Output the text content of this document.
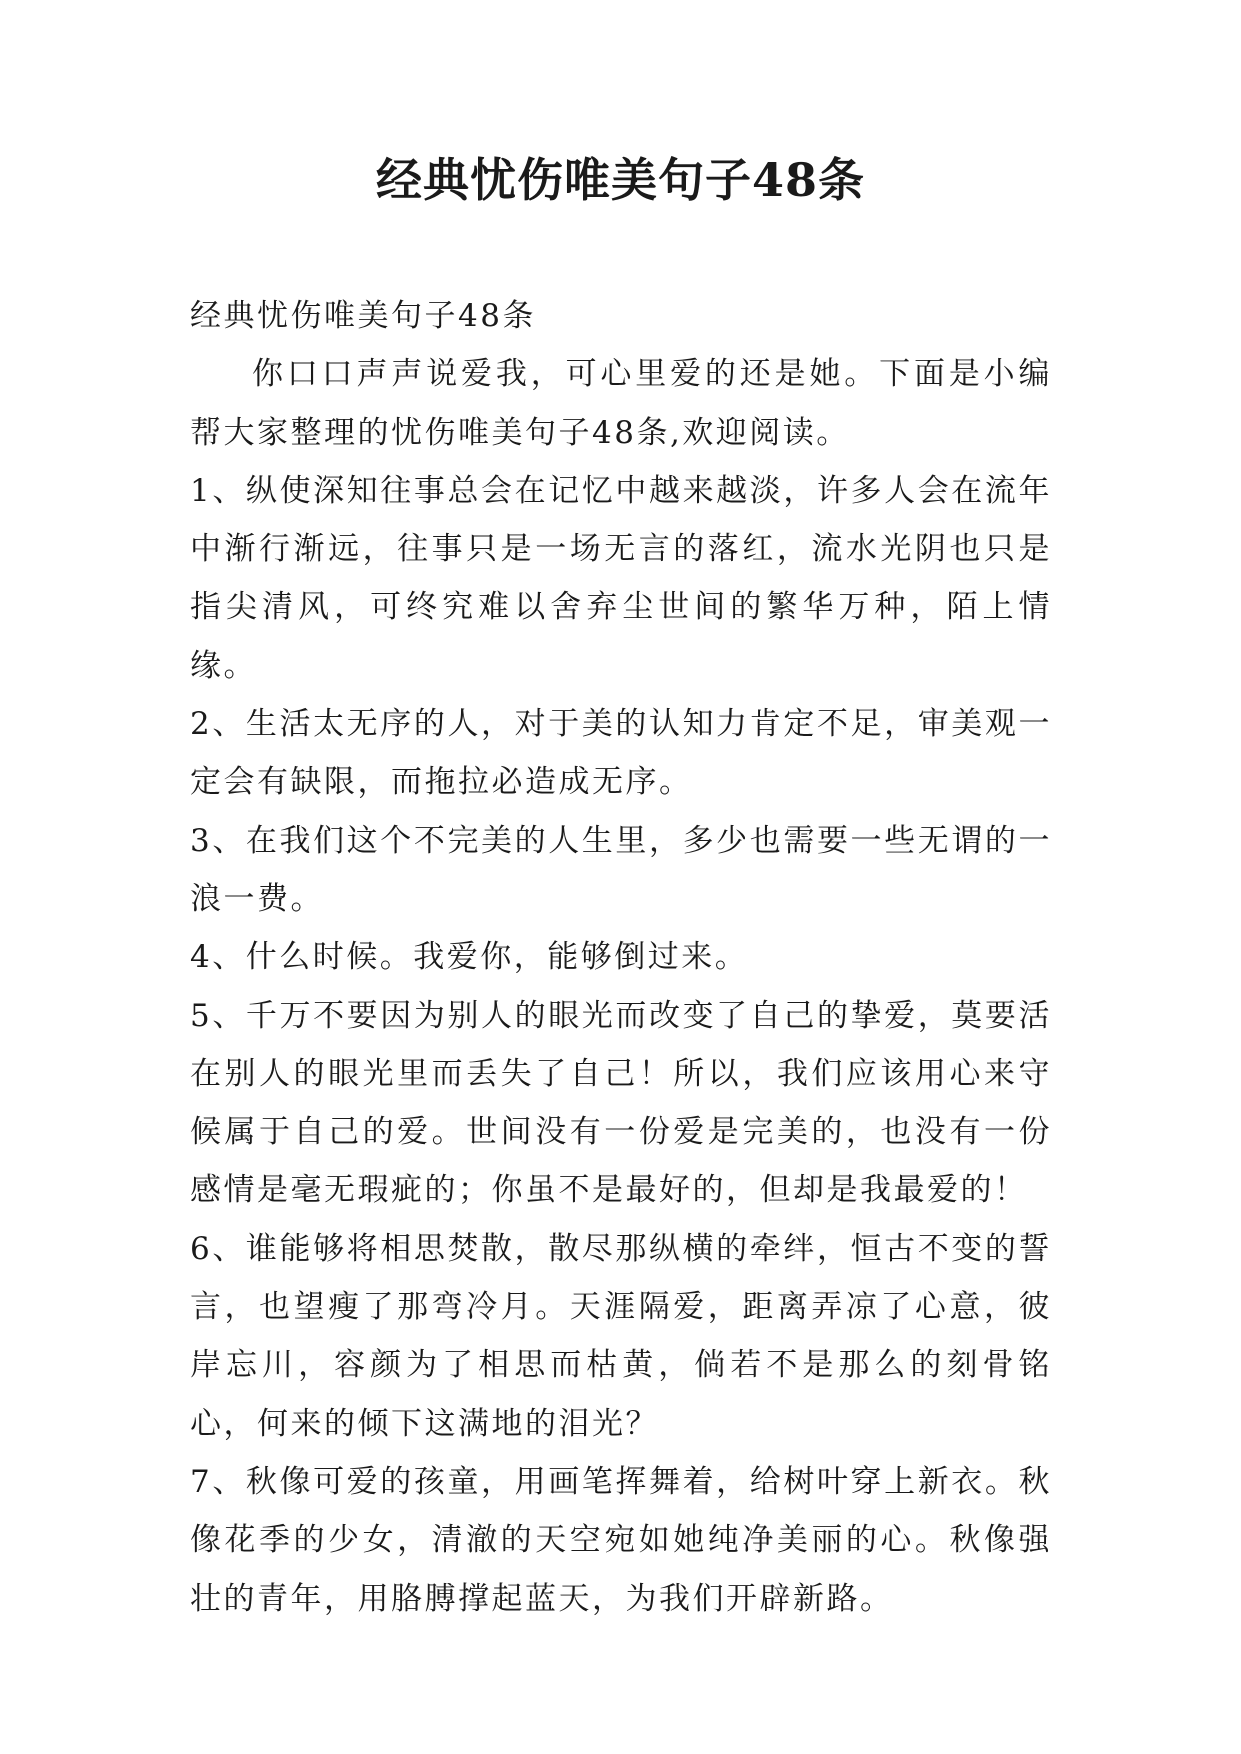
经典忧伤唯美句子48条

经典忧伤唯美句子48条

你口口声声说爱我，可心里爱的还是她。下面是小编帮大家整理的忧伤唯美句子48条,欢迎阅读。

1、纵使深知往事总会在记忆中越来越淡，许多人会在流年中渐行渐远，往事只是一场无言的落红，流水光阴也只是指尖清风，可终究难以舍弃尘世间的繁华万种，陌上情缘。

2、生活太无序的人，对于美的认知力肯定不足，审美观一定会有缺限，而拖拉必造成无序。

3、在我们这个不完美的人生里，多少也需要一些无谓的一浪一费。

4、什么时候。我爱你，能够倒过来。

5、千万不要因为别人的眼光而改变了自己的挚爱，莫要活在别人的眼光里而丢失了自己！所以，我们应该用心来守候属于自己的爱。世间没有一份爱是完美的，也没有一份感情是毫无瑕疵的；你虽不是最好的，但却是我最爱的！

6、谁能够将相思焚散，散尽那纵横的牵绊，恒古不变的誓言，也望瘦了那弯冷月。天涯隔爱，距离弄凉了心意，彼岸忘川，容颜为了相思而枯黄，倘若不是那么的刻骨铭心，何来的倾下这满地的泪光？

7、秋像可爱的孩童，用画笔挥舞着，给树叶穿上新衣。秋像花季的少女，清澈的天空宛如她纯净美丽的心。秋像强壮的青年，用胳膊撑起蓝天，为我们开辟新路。
